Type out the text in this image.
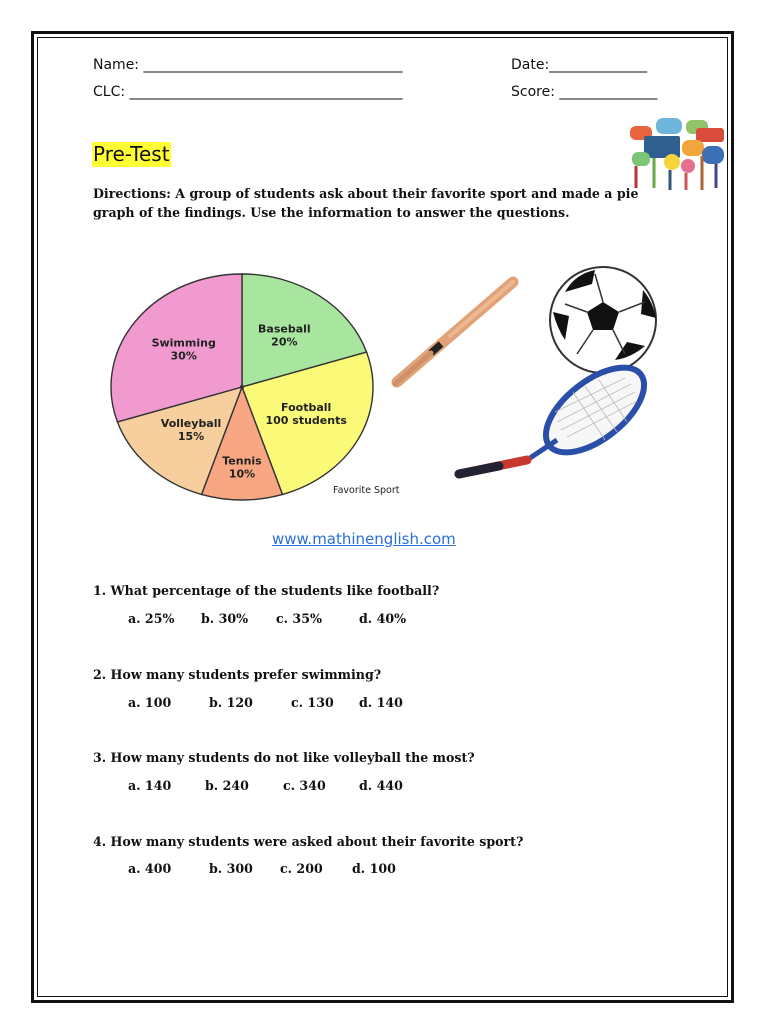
Name: _____________________________________	Date:______________
CLC: _______________________________________	Score: ______________
Pre-Test
Directions: A group of students ask about their favorite sport and made a pie graph of the findings. Use the information to answer the questions.
Baseball
20%
Football
100 students
Tennis
10%
Volleyball
15%
Swimming
30%
Favorite Sport
www.mathinenglish.com
1. What percentage of the students like football?
a. 25% b. 30% c. 35%	d. 40%
2. How many students prefer swimming?
a. 100	b. 120	c. 130 d. 140
3. How many students do not like volleyball the most?
a. 140	b. 240	c. 340	d. 440
4. How many students were asked about their favorite sport?
a. 400	b. 300 c. 200 d. 100
